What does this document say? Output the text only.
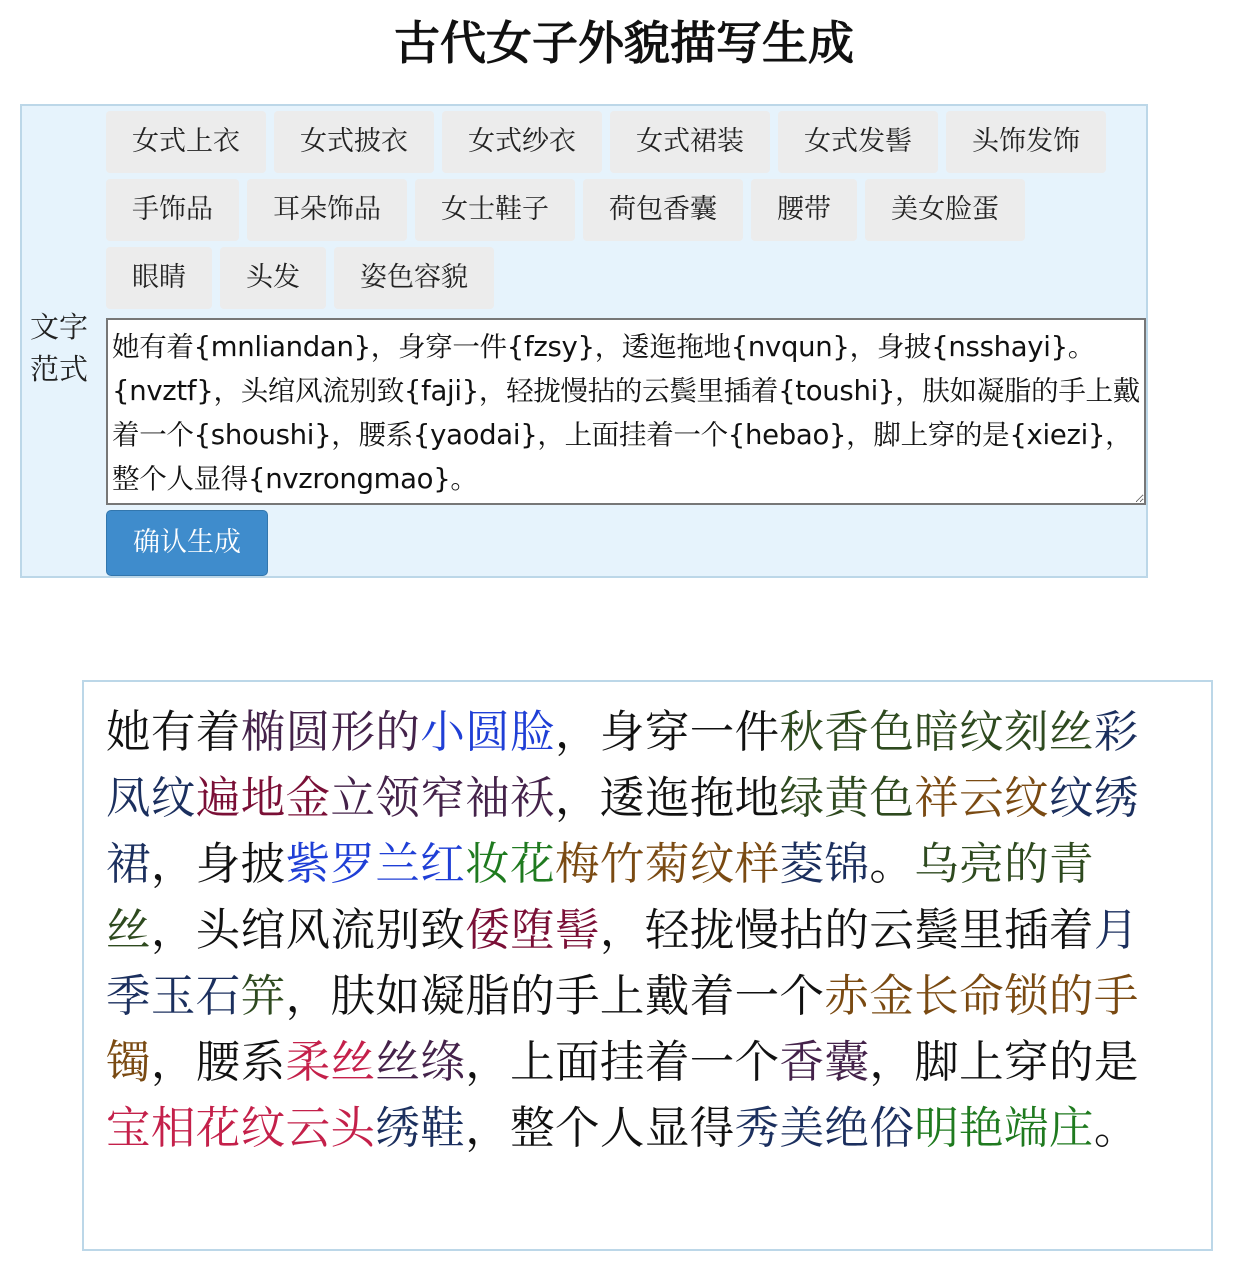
古代女子外貌描写生成
文字范式
女式上衣	女式披衣	女式纱衣	女式裙装	女式发髻	头饰发饰
手饰品	耳朵饰品	女士鞋子	荷包香囊	腰带	美女脸蛋
眼睛	头发	姿色容貌
她有着{mnliandan}，身穿一件{fzsy}，逶迤拖地{nvqun}，身披{nsshayi}。{nvztf}，头绾风流别致{faji}，轻拢慢拈的云鬓里插着{toushi}，肤如凝脂的手上戴着一个{shoushi}，腰系{yaodai}，上面挂着一个{hebao}，脚上穿的是{xiezi}，整个人显得{nvzrongmao}。
确认生成
她有着椭圆形的小圆脸，身穿一件秋香色暗纹刻丝彩凤纹遍地金立领窄袖袄，逶迤拖地绿黄色祥云纹纹绣裙，身披紫罗兰红妆花梅竹菊纹样菱锦。乌亮的青丝，头绾风流别致倭堕髻，轻拢慢拈的云鬓里插着月季玉石笄，肤如凝脂的手上戴着一个赤金长命锁的手镯，腰系柔丝丝绦，上面挂着一个香囊，脚上穿的是宝相花纹云头绣鞋，整个人显得秀美绝俗明艳端庄。
